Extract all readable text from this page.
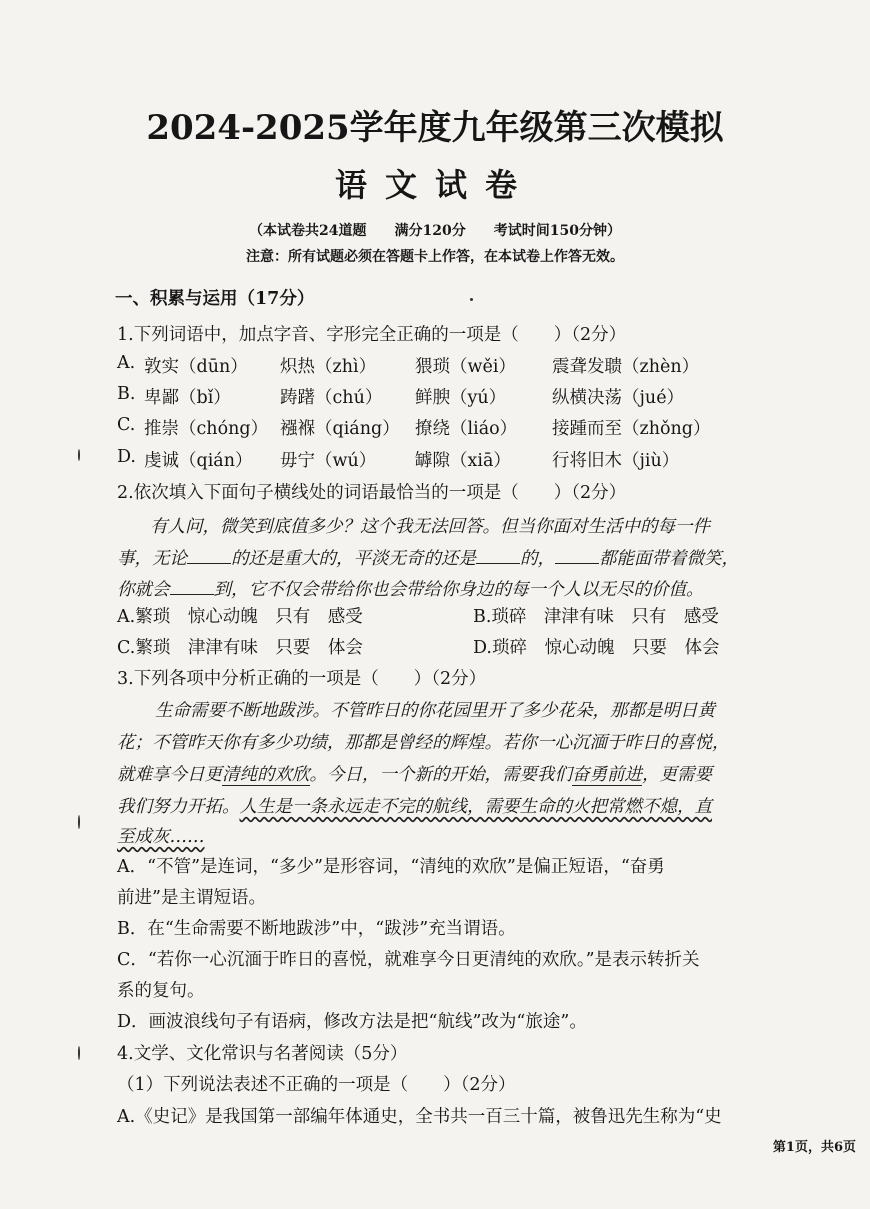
2024-2025学年度九年级第三次模拟
语文试卷
（本试卷共24道题　　满分120分　　考试时间150分钟）
注意：所有试题必须在答题卡上作答，在本试卷上作答无效。
一、积累与运用（17分）
1.下列词语中，加点字音、字形完全正确的一项是（　　）（2分）
A. 敦实（dūn） 炽热（zhì） 猥琐（wěi） 震聋发聩（zhèn）
B. 卑鄙（bǐ）	踌躇（chú） 鲜腴（yú）	纵横决荡（jué）
C. 推崇（chóng） 襁褓（qiáng） 撩绕（liáo） 接踵而至（zhǒng）
D. 虔诚（qián） 毋宁（wú） 罅隙（xiā） 行将旧木（jiù）
2.依次填入下面句子横线处的词语最恰当的一项是（　　）（2分）
有人问，微笑到底值多少？这个我无法回答。但当你面对生活中的每一件
事，无论	的还是重大的，平淡无奇的还是	的，	都能面带着微笑，
你就会	到，它不仅会带给你也会带给你身边的每一个人以无尽的价值。
A.繁琐　惊心动魄　只有　感受	B.琐碎　津津有味　只有　感受
C.繁琐　津津有味　只要　体会	D.琐碎　惊心动魄　只要　体会
3.下列各项中分析正确的一项是（　　）（2分）
生命需要不断地跋涉。不管昨日的你花园里开了多少花朵，那都是明日黄
花；不管昨天你有多少功绩，那都是曾经的辉煌。若你一心沉湎于昨日的喜悦，
就难享今日更清纯的欢欣。今日，一个新的开始，需要我们奋勇前进，更需要
我们努力开拓。人生是一条永远走不完的航线，需要生命的火把常燃不熄，直
至成灰……
A．“不管”是连词，“多少”是形容词，“清纯的欢欣”是偏正短语，“奋勇
前进”是主谓短语。
B．在“生命需要不断地跋涉”中，“跋涉”充当谓语。
C．“若你一心沉湎于昨日的喜悦，就难享今日更清纯的欢欣。”是表示转折关
系的复句。
D．画波浪线句子有语病，修改方法是把“航线”改为“旅途”。
4.文学、文化常识与名著阅读（5分）
（1）下列说法表述不正确的一项是（　　）（2分）
A.《史记》是我国第一部编年体通史，全书共一百三十篇，被鲁迅先生称为“史
第1页，共6页
